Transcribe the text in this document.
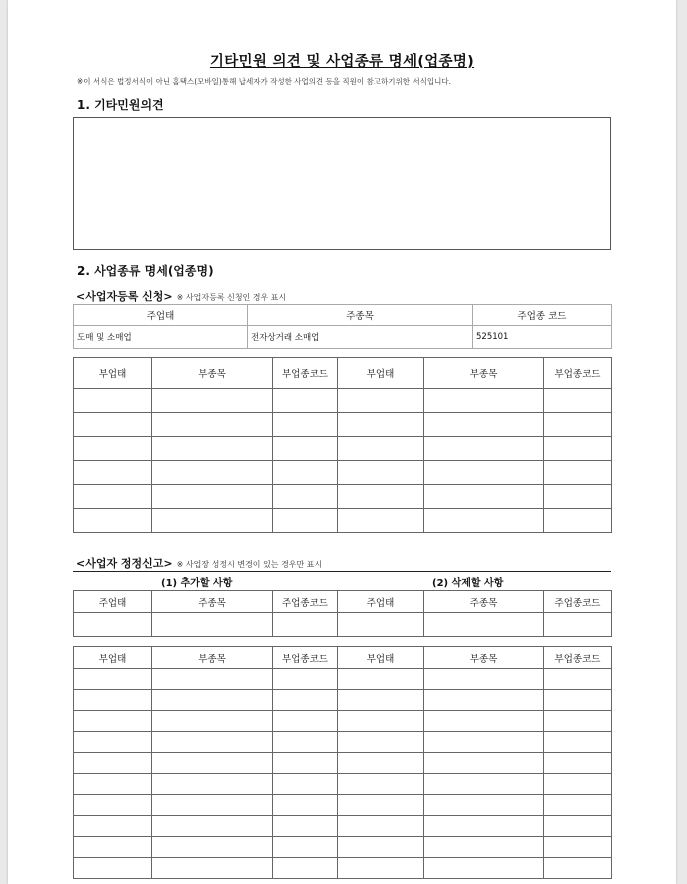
기타민원 의견 및 사업종류 명세(업종명)
※이 서식은 법정서식이 아닌 홈택스(모바일)통해 납세자가 작성한 사업의견 등을 직원이 참고하기위한 서식입니다.
1. 기타민원의견
2. 사업종류 명세(업종명)
<사업자등록 신청> ※ 사업자등록 신청인 경우 표시
주업태	주종목	주업종 코드
도매 및 소매업	전자상거래 소매업	525101
부업태	부종목	부업종코드	부업태	부종목	부업종코드

<사업자 정정신고> ※ 사업장 성정시 변경이 있는 경우만 표시
(1) 추가할 사항	(2) 삭제할 사항
주업태	주종목	주업종코드	주업태	주종목	주업종코드

부업태	부종목	부업종코드	부업태	부종목	부업종코드
